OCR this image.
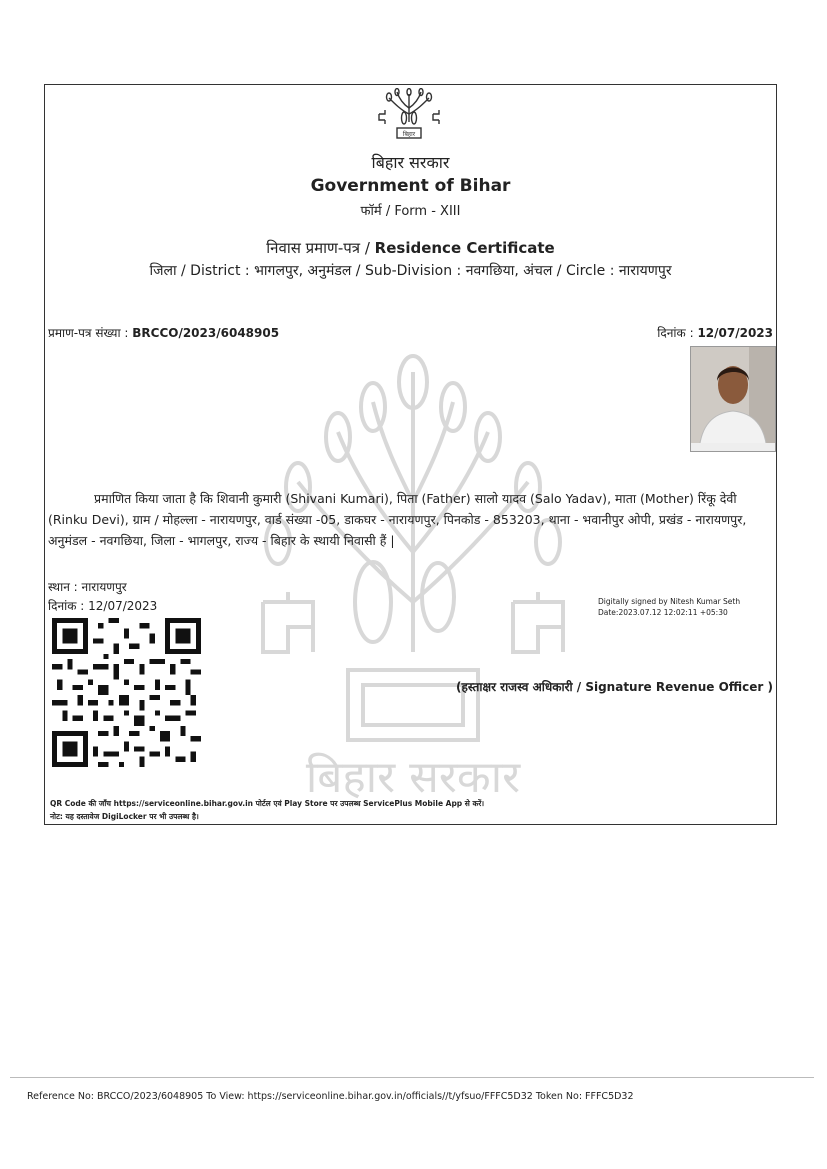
बिहार
बिहार सरकार
Government of Bihar
फॉर्म / Form - XIII
निवास प्रमाण-पत्र / Residence Certificate
जिला / District : भागलपुर, अनुमंडल / Sub-Division : नवगछिया, अंचल / Circle : नारायणपुर
प्रमाण-पत्र संख्या : BRCCO/2023/6048905	दिनांक : 12/07/2023
बिहार सरकार
प्रमाणित किया जाता है कि शिवानी कुमारी (Shivani Kumari), पिता (Father) सालो यादव (Salo Yadav), माता (Mother) रिंकू देवी (Rinku Devi), ग्राम / मोहल्ला - नारायणपुर, वार्ड संख्या -05, डाकघर - नारायणपुर, पिनकोड - 853203, थाना - भवानीपुर ओपी, प्रखंड - नारायणपुर, अनुमंडल - नवगछिया, जिला - भागलपुर, राज्य - बिहार के स्थायी निवासी हैं |
स्थान : नारायणपुर
दिनांक : 12/07/2023	Digitally signed by Nitesh Kumar Seth
Date:2023.07.12 12:02:11 +05:30
(हस्ताक्षर राजस्व अधिकारी / Signature Revenue Officer )
QR Code की जाँच https://serviceonline.bihar.gov.in पोर्टल एवं Play Store पर उपलब्ध ServicePlus Mobile App से करें।
नोट: यह दस्तावेज DigiLocker पर भी उपलब्ध है।
Reference No: BRCCO/2023/6048905 To View: https://serviceonline.bihar.gov.in/officials//t/yfsuo/FFFC5D32 Token No: FFFC5D32
